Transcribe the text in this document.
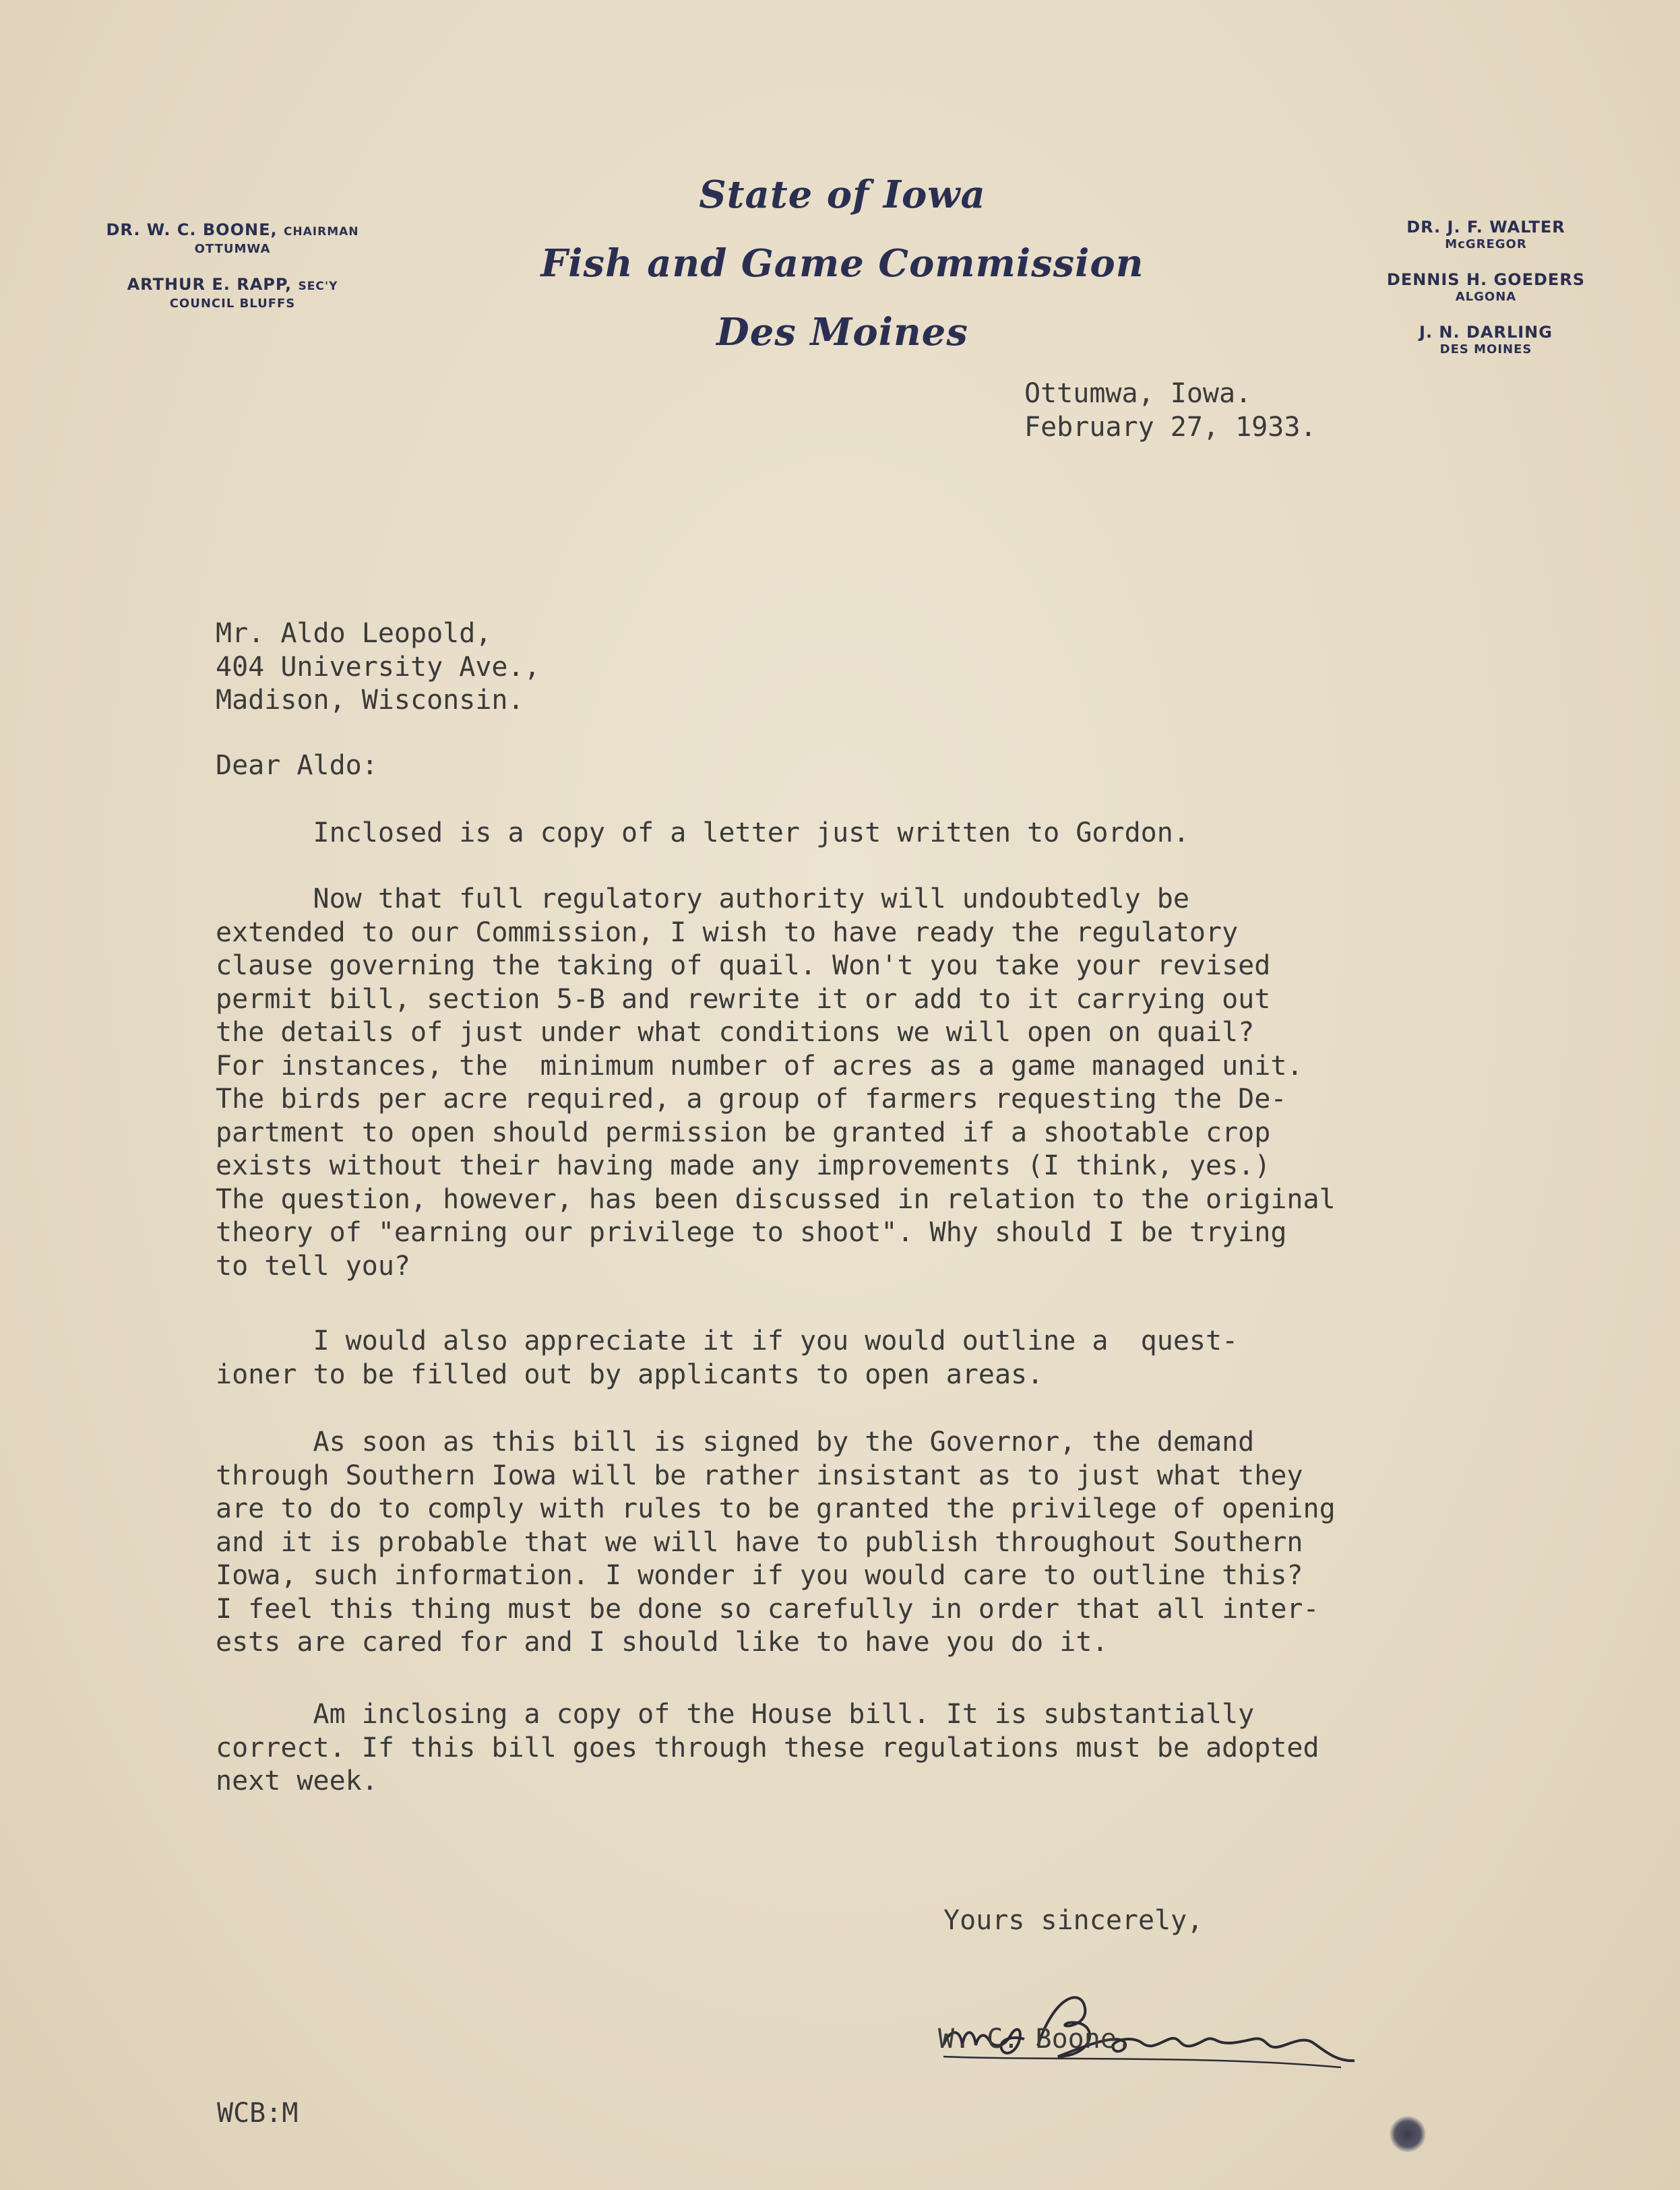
DR. W. C. BOONE, CHAIRMAN
OTTUMWA
ARTHUR E. RAPP, SEC'Y
COUNCIL BLUFFS
State of Iowa
Fish and Game Commission
Des Moines
DR. J. F. WALTER
McGREGOR
DENNIS H. GOEDERS
ALGONA
J. N. DARLING
DES MOINES
Ottumwa, Iowa.
February 27, 1933.
Mr. Aldo Leopold,
404 University Ave.,
Madison, Wisconsin.
Dear Aldo:
Inclosed is a copy of a letter just written to Gordon.
Now that full regulatory authority will undoubtedly be
extended to our Commission, I wish to have ready the regulatory
clause governing the taking of quail. Won't you take your revised
permit bill, section 5-B and rewrite it or add to it carrying out
the details of just under what conditions we will open on quail?
For instances, the  minimum number of acres as a game managed unit.
The birds per acre required, a group of farmers requesting the De-
partment to open should permission be granted if a shootable crop
exists without their having made any improvements (I think, yes.)
The question, however, has been discussed in relation to the original
theory of "earning our privilege to shoot". Why should I be trying
to tell you?
I would also appreciate it if you would outline a  quest-
ioner to be filled out by applicants to open areas.
As soon as this bill is signed by the Governor, the demand
through Southern Iowa will be rather insistant as to just what they
are to do to comply with rules to be granted the privilege of opening
and it is probable that we will have to publish throughout Southern
Iowa, such information. I wonder if you would care to outline this?
I feel this thing must be done so carefully in order that all inter-
ests are cared for and I should like to have you do it.
Am inclosing a copy of the House bill. It is substantially
correct. If this bill goes through these regulations must be adopted
next week.
Yours sincerely,
W. C. Boone.
WCB:M
